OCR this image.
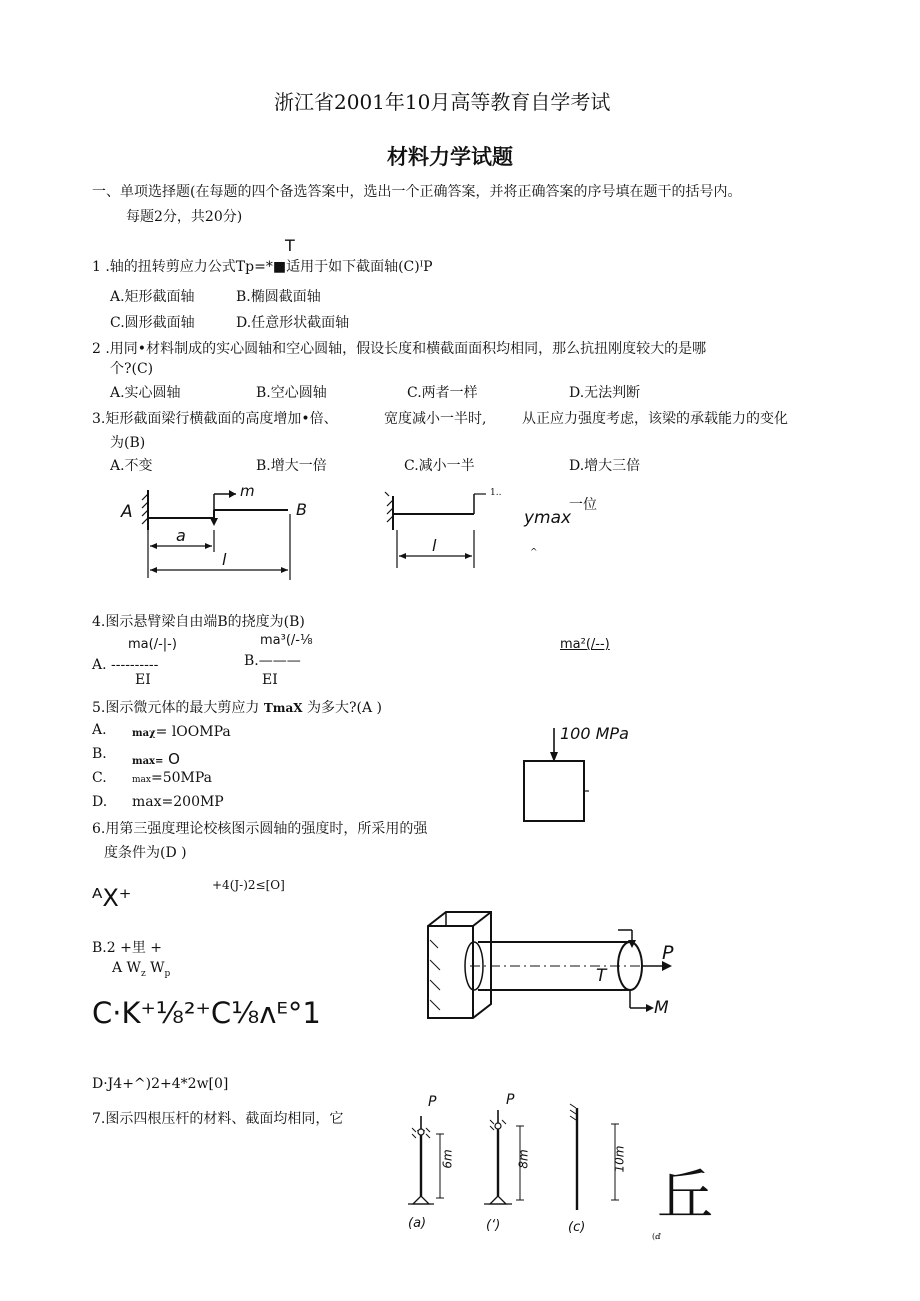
浙江省2001年10月高等教育自学考试
材料力学试题
一、单项选择题(在每题的四个备选答案中，选出一个正确答案，并将正确答案的序号填在题干的括号内。
每题2分，共20分)
T
1 .轴的扭转剪应力公式Tp=*■适用于如下截面轴(C)ᴵP
A.矩形截面轴	B.椭圆截面轴
C.圆形截面轴	D.任意形状截面轴
2 .用同•材料制成的实心圆轴和空心圆轴，假设长度和横截面面积均相同，那么抗扭刚度较大的是哪
个?(C)
A.实心圆轴	B.空心圆轴	C.两者一样	D.无法判断
3.矩形截面梁行横截面的高度增加•倍、	宽度减小一半时,	从正应力强度考虑，该梁的承载能力的变化
为(B)
A.不变	B.增大一倍	C.减小一半	D.增大三倍
一位
A	B
m
a
l
l
1..
ymax
^
4.图示悬臂梁自由端B的挠度为(B)
ma(/-|-)
A. ----------
EI
ma³(/-⅛
B.———
EI
ma²(/--)
5.图示微元体的最大剪应力 TmaX 为多大?(A )
A.	maχ= lOOMPa
B.	max= O
C.	max=50MPa
D. max=200MP
100 MPa
6.用第三强度理论校核图示圆轴的强度时，所采用的强
度条件为(D )
ᴬX⁺	+4(J-)2≤[O]
B.2 +里 +
A $W_z$ $W_p$
C·K⁺⅛²⁺C⅛ᴧᴱ°1
D·J4+^)2+4*2w[0]
P
T
M
7.图示四根压杆的材料、截面均相同，它
P	P
6m	8m	10m
(a)	(‘)	(c) 丘
(ⅆ
